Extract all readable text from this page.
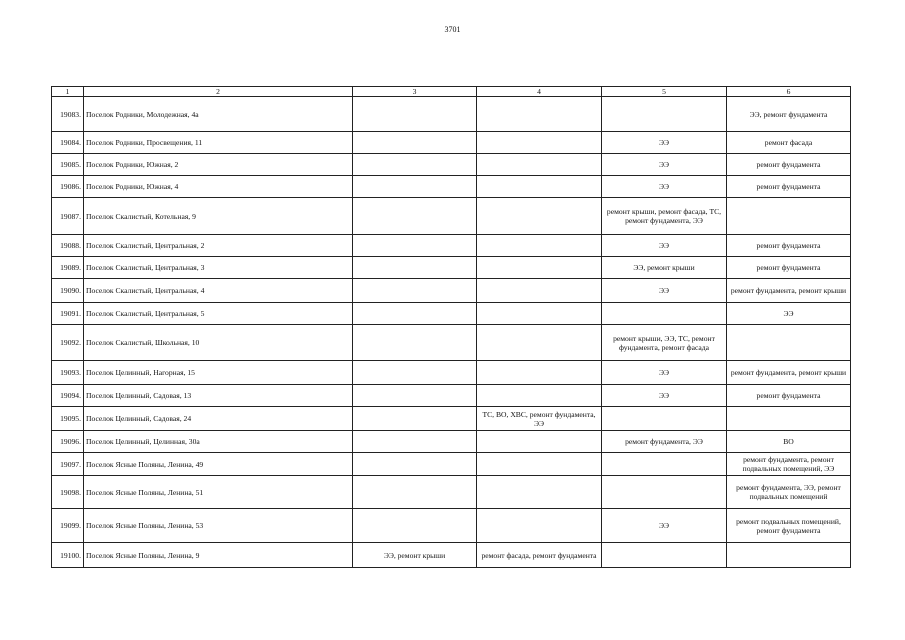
3701
1	2	3	4	5	6
19083.	Поселок Родники, Молодежная, 4а				ЭЭ, ремонт фундамента
19084.	Поселок Родники, Просвещения, 11			ЭЭ	ремонт фасада
19085.	Поселок Родники, Южная, 2			ЭЭ	ремонт фундамента
19086.	Поселок Родники, Южная, 4			ЭЭ	ремонт фундамента
19087.	Поселок Скалистый, Котельная, 9			ремонт крыши, ремонт фасада, ТС, ремонт фундамента, ЭЭ	
19088.	Поселок Скалистый, Центральная, 2			ЭЭ	ремонт фундамента
19089.	Поселок Скалистый, Центральная, 3			ЭЭ, ремонт крыши	ремонт фундамента
19090.	Поселок Скалистый, Центральная, 4			ЭЭ	ремонт фундамента, ремонт крыши
19091.	Поселок Скалистый, Центральная, 5				ЭЭ
19092.	Поселок Скалистый, Школьная, 10			ремонт крыши, ЭЭ, ТС, ремонт фундамента, ремонт фасада	
19093.	Поселок Целинный, Нагорная, 15			ЭЭ	ремонт фундамента, ремонт крыши
19094.	Поселок Целинный, Садовая, 13			ЭЭ	ремонт фундамента
19095.	Поселок Целинный, Садовая, 24		ТС, ВО, ХВС, ремонт фундамента, ЭЭ		
19096.	Поселок Целинный, Целинная, 30а			ремонт фундамента, ЭЭ	ВО
19097.	Поселок Ясные Поляны, Ленина, 49				ремонт фундамента, ремонт подвальных помещений, ЭЭ
19098.	Поселок Ясные Поляны, Ленина, 51				ремонт фундамента, ЭЭ, ремонт подвальных помещений
19099.	Поселок Ясные Поляны, Ленина, 53			ЭЭ	ремонт подвальных помещений, ремонт фундамента
19100.	Поселок Ясные Поляны, Ленина, 9	ЭЭ, ремонт крыши	ремонт фасада, ремонт фундамента		
